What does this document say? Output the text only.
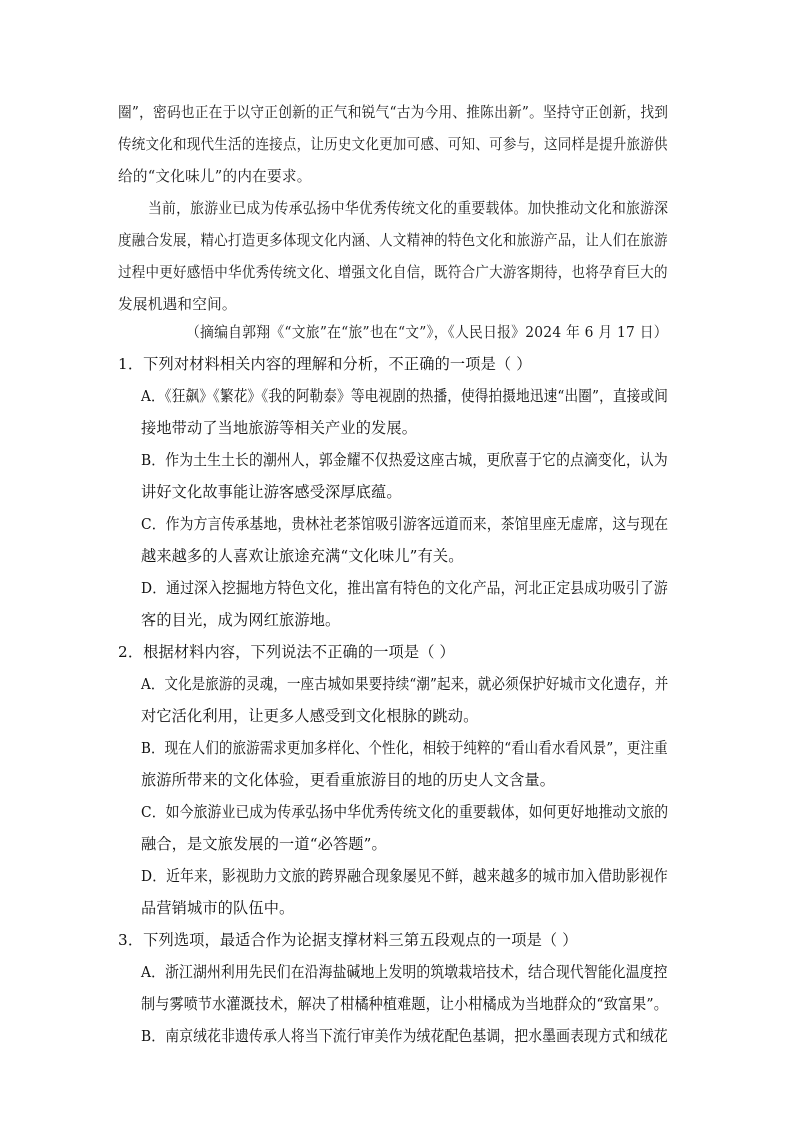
圈”，密码也正在于以守正创新的正气和锐气“古为今用、推陈出新”。坚持守正创新，找到
传统文化和现代生活的连接点，让历史文化更加可感、可知、可参与，这同样是提升旅游供
给的“文化味儿”的内在要求。
当前，旅游业已成为传承弘扬中华优秀传统文化的重要载体。加快推动文化和旅游深
度融合发展，精心打造更多体现文化内涵、人文精神的特色文化和旅游产品，让人们在旅游
过程中更好感悟中华优秀传统文化、增强文化自信，既符合广大游客期待，也将孕育巨大的
发展机遇和空间。
（摘编自郭翔《“文旅”在“旅”也在“文”》，《人民日报》2024 年 6 月 17 日）
1．下列对材料相关内容的理解和分析，不正确的一项是（ ）
A．《狂飙》《繁花》《我的阿勒泰》等电视剧的热播，使得拍摄地迅速“出圈”，直接或间
接地带动了当地旅游等相关产业的发展。
B．作为土生土长的潮州人，郭金耀不仅热爱这座古城，更欣喜于它的点滴变化，认为
讲好文化故事能让游客感受深厚底蕴。
C．作为方言传承基地，贵林社老茶馆吸引游客远道而来，茶馆里座无虚席，这与现在
越来越多的人喜欢让旅途充满“文化味儿”有关。
D．通过深入挖掘地方特色文化，推出富有特色的文化产品，河北正定县成功吸引了游
客的目光，成为网红旅游地。
2．根据材料内容，下列说法不正确的一项是（ ）
A．文化是旅游的灵魂，一座古城如果要持续“潮”起来，就必须保护好城市文化遗存，并
对它活化利用，让更多人感受到文化根脉的跳动。
B．现在人们的旅游需求更加多样化、个性化，相较于纯粹的“看山看水看风景”，更注重
旅游所带来的文化体验，更看重旅游目的地的历史人文含量。
C．如今旅游业已成为传承弘扬中华优秀传统文化的重要载体，如何更好地推动文旅的
融合，是文旅发展的一道“必答题”。
D．近年来，影视助力文旅的跨界融合现象屡见不鲜，越来越多的城市加入借助影视作
品营销城市的队伍中。
3．下列选项，最适合作为论据支撑材料三第五段观点的一项是（ ）
A．浙江湖州利用先民们在沿海盐碱地上发明的筑墩栽培技术，结合现代智能化温度控
制与雾喷节水灌溉技术，解决了柑橘种植难题，让小柑橘成为当地群众的“致富果”。
B．南京绒花非遗传承人将当下流行审美作为绒花配色基调，把水墨画表现方式和绒花
